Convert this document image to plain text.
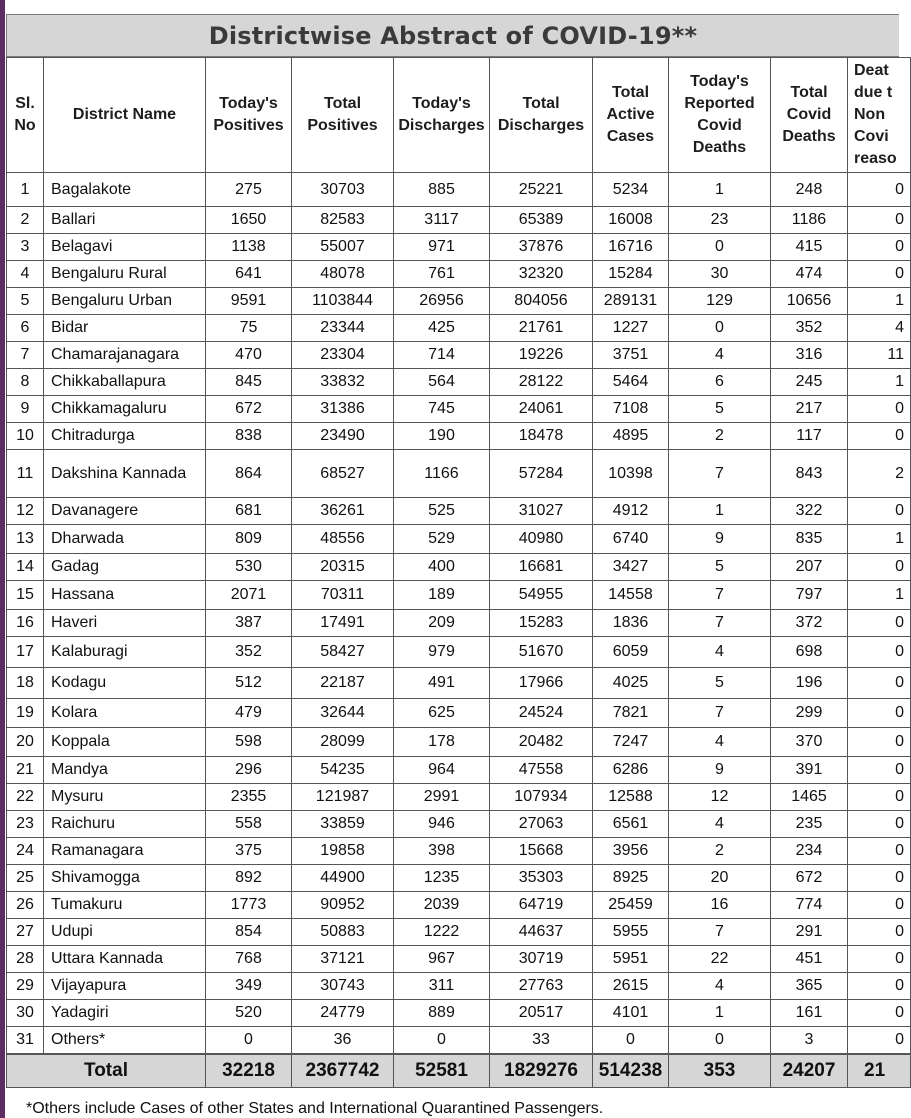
Districtwise Abstract of COVID-19**
Sl. No	District Name	Today's Positives	Total Positives	Today's Discharges	Total Discharges	Total Active Cases	Today's Reported Covid Deaths	Total Covid Deaths	Deat due t Non Covi reaso
1	Bagalakote	275	30703	885	25221	5234	1	248	0
2	Ballari	1650	82583	3117	65389	16008	23	1186	0
3	Belagavi	1138	55007	971	37876	16716	0	415	0
4	Bengaluru Rural	641	48078	761	32320	15284	30	474	0
5	Bengaluru Urban	9591	1103844	26956	804056	289131	129	10656	1
6	Bidar	75	23344	425	21761	1227	0	352	4
7	Chamarajanagara	470	23304	714	19226	3751	4	316	11
8	Chikkaballapura	845	33832	564	28122	5464	6	245	1
9	Chikkamagaluru	672	31386	745	24061	7108	5	217	0
10	Chitradurga	838	23490	190	18478	4895	2	117	0
11	Dakshina Kannada	864	68527	1166	57284	10398	7	843	2
12	Davanagere	681	36261	525	31027	4912	1	322	0
13	Dharwada	809	48556	529	40980	6740	9	835	1
14	Gadag	530	20315	400	16681	3427	5	207	0
15	Hassana	2071	70311	189	54955	14558	7	797	1
16	Haveri	387	17491	209	15283	1836	7	372	0
17	Kalaburagi	352	58427	979	51670	6059	4	698	0
18	Kodagu	512	22187	491	17966	4025	5	196	0
19	Kolara	479	32644	625	24524	7821	7	299	0
20	Koppala	598	28099	178	20482	7247	4	370	0
21	Mandya	296	54235	964	47558	6286	9	391	0
22	Mysuru	2355	121987	2991	107934	12588	12	1465	0
23	Raichuru	558	33859	946	27063	6561	4	235	0
24	Ramanagara	375	19858	398	15668	3956	2	234	0
25	Shivamogga	892	44900	1235	35303	8925	20	672	0
26	Tumakuru	1773	90952	2039	64719	25459	16	774	0
27	Udupi	854	50883	1222	44637	5955	7	291	0
28	Uttara Kannada	768	37121	967	30719	5951	22	451	0
29	Vijayapura	349	30743	311	27763	2615	4	365	0
30	Yadagiri	520	24779	889	20517	4101	1	161	0
31	Others*	0	36	0	33	0	0	3	0
Total		32218	2367742	52581	1829276	514238	353	24207	21
*Others include Cases of other States and International Quarantined Passengers.
